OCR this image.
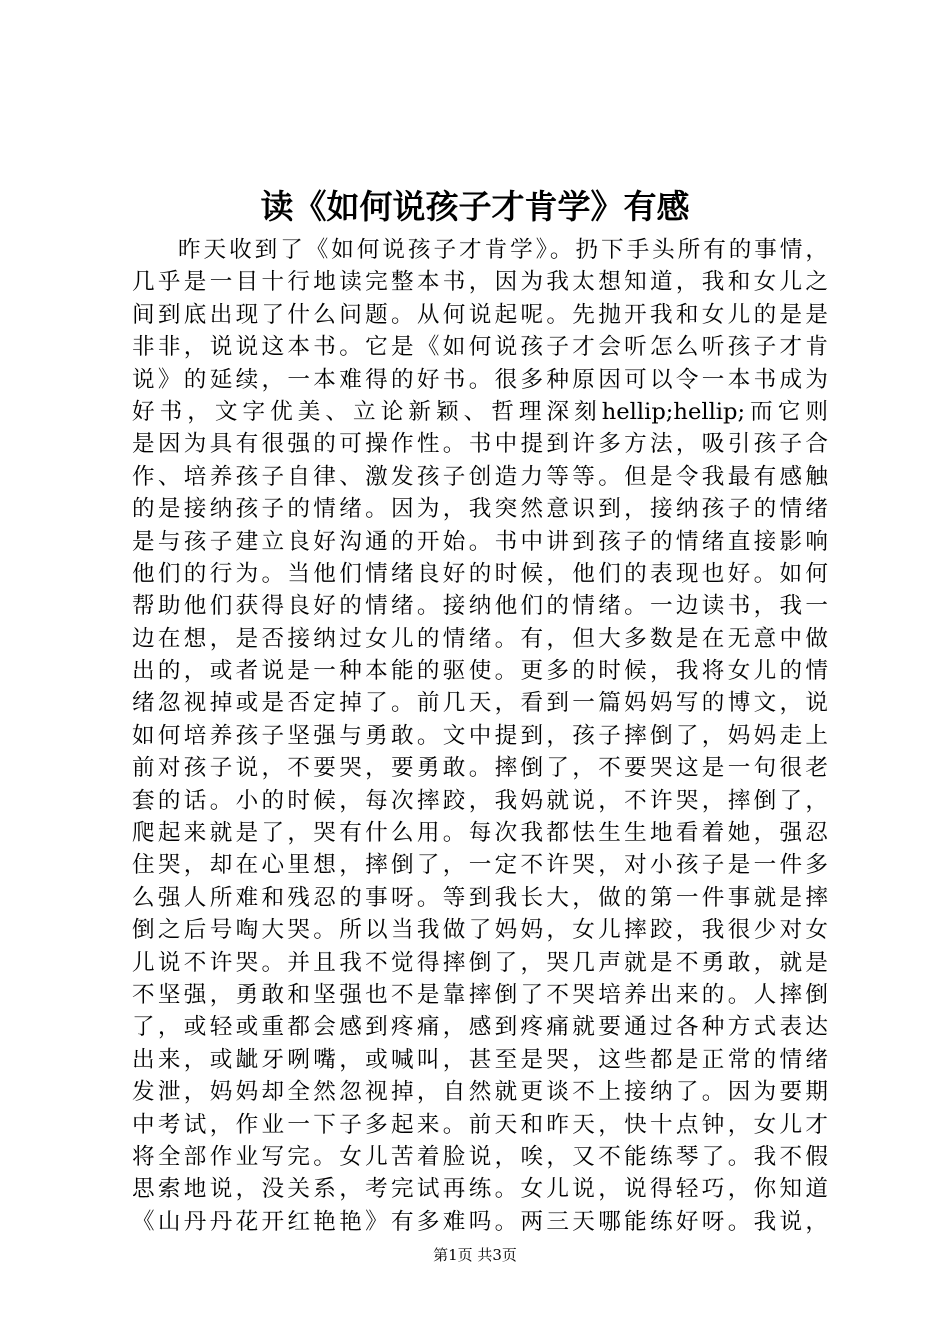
读《如何说孩子才肯学》有感
昨天收到了《如何说孩子才肯学》。扔下手头所有的事情，
几乎是一目十行地读完整本书，因为我太想知道，我和女儿之
间到底出现了什么问题。从何说起呢。先抛开我和女儿的是是
非非，说说这本书。它是《如何说孩子才会听怎么听孩子才肯
说》的延续，一本难得的好书。很多种原因可以令一本书成为
好书，文字优美、立论新颖、哲理深刻hellip;hellip;而它则
是因为具有很强的可操作性。书中提到许多方法，吸引孩子合
作、培养孩子自律、激发孩子创造力等等。但是令我最有感触
的是接纳孩子的情绪。因为，我突然意识到，接纳孩子的情绪
是与孩子建立良好沟通的开始。书中讲到孩子的情绪直接影响
他们的行为。当他们情绪良好的时候，他们的表现也好。如何
帮助他们获得良好的情绪。接纳他们的情绪。一边读书，我一
边在想，是否接纳过女儿的情绪。有，但大多数是在无意中做
出的，或者说是一种本能的驱使。更多的时候，我将女儿的情
绪忽视掉或是否定掉了。前几天，看到一篇妈妈写的博文，说
如何培养孩子坚强与勇敢。文中提到，孩子摔倒了，妈妈走上
前对孩子说，不要哭，要勇敢。摔倒了，不要哭这是一句很老
套的话。小的时候，每次摔跤，我妈就说，不许哭，摔倒了，
爬起来就是了，哭有什么用。每次我都怯生生地看着她，强忍
住哭，却在心里想，摔倒了，一定不许哭，对小孩子是一件多
么强人所难和残忍的事呀。等到我长大，做的第一件事就是摔
倒之后号啕大哭。所以当我做了妈妈，女儿摔跤，我很少对女
儿说不许哭。并且我不觉得摔倒了，哭几声就是不勇敢，就是
不坚强，勇敢和坚强也不是靠摔倒了不哭培养出来的。人摔倒
了，或轻或重都会感到疼痛，感到疼痛就要通过各种方式表达
出来，或龇牙咧嘴，或喊叫，甚至是哭，这些都是正常的情绪
发泄，妈妈却全然忽视掉，自然就更谈不上接纳了。因为要期
中考试，作业一下子多起来。前天和昨天，快十点钟，女儿才
将全部作业写完。女儿苦着脸说，唉，又不能练琴了。我不假
思索地说，没关系，考完试再练。女儿说，说得轻巧，你知道
《山丹丹花开红艳艳》有多难吗。两三天哪能练好呀。我说，
第1页 共3页
